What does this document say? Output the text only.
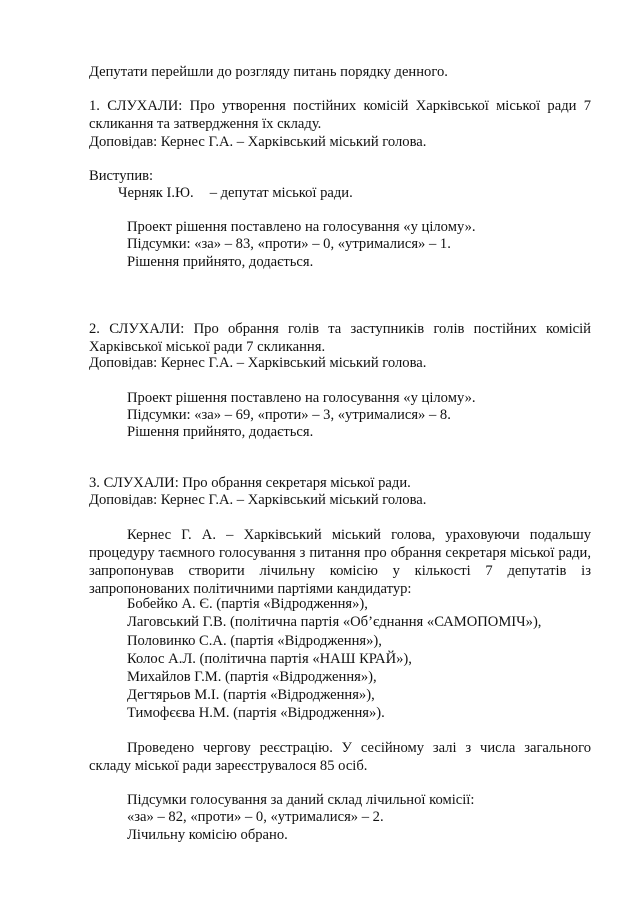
Депутати перейшли до розгляду питань порядку денного.
1. СЛУХАЛИ: Про утворення постійних комісій Харківської міської ради 7 скликання та затвердження їх складу.
Доповідав: Кернес Г.А. – Харківський міський голова.
Виступив:
Черняк І.Ю. – депутат міської ради.
Проект рішення поставлено на голосування «у цілому».
Підсумки: «за» – 83, «проти» – 0, «утрималися» – 1.
Рішення прийнято, додається.
2. СЛУХАЛИ: Про обрання голів та заступників голів постійних комісій Харківської міської ради 7 скликання.
Доповідав: Кернес Г.А. – Харківський міський голова.
Проект рішення поставлено на голосування «у цілому».
Підсумки: «за» – 69, «проти» – 3, «утрималися» – 8.
Рішення прийнято, додається.
3. СЛУХАЛИ: Про обрання секретаря міської ради.
Доповідав: Кернес Г.А. – Харківський міський голова.
Кернес Г. А. – Харківський міський голова, ураховуючи подальшу процедуру таємного голосування з питання про обрання секретаря міської ради, запропонував створити лічильну комісію у кількості 7 депутатів із запропонованих політичними партіями кандидатур:
Бобейко А. Є. (партія «Відродження»),
Лаговський Г.В. (політична партія «Об’єднання «САМОПОМІЧ»),
Половинко С.А. (партія «Відродження»),
Колос А.Л. (політична партія «НАШ КРАЙ»),
Михайлов Г.М. (партія «Відродження»),
Дегтярьов М.І. (партія «Відродження»),
Тимофєєва Н.М. (партія «Відродження»).
Проведено чергову реєстрацію. У сесійному залі з числа загального складу міської ради зареєструвалося 85 осіб.
Підсумки голосування за даний склад лічильної комісії:
«за» – 82, «проти» – 0, «утрималися» – 2.
Лічильну комісію обрано.
